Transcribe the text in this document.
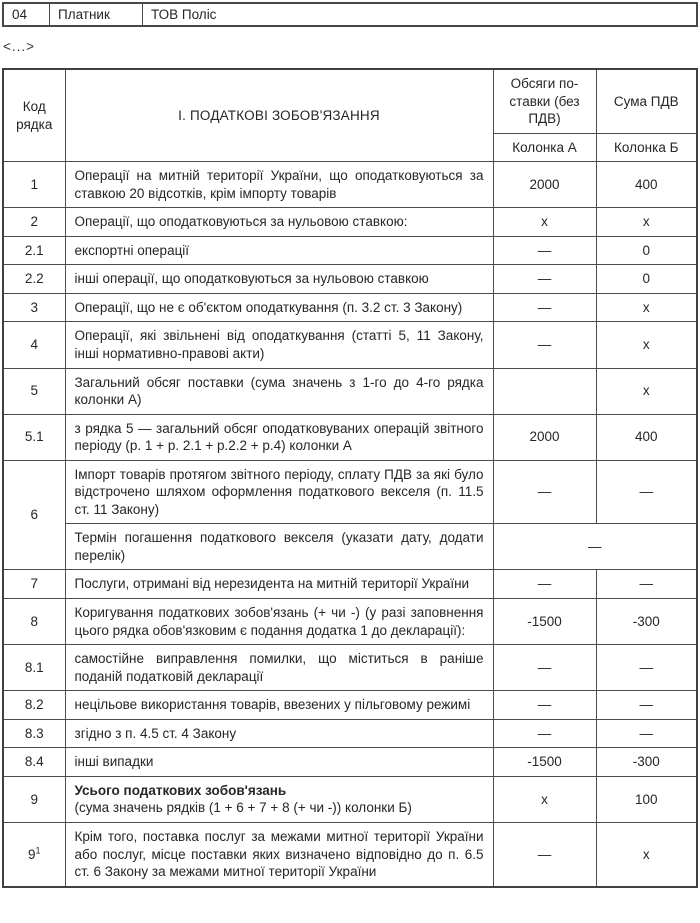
04	Платник	ТОВ Поліс
<...>
Код рядка	І. ПОДАТКОВІ ЗОБОВ'ЯЗАННЯ	Обсяги по-ставки (без ПДВ)	Сума ПДВ
		Колонка А	Колонка Б
1	Операції на митній території України, що оподатковуються за ставкою 20 відсотків, крім імпорту товарів	2000	400
2	Операції, що оподатковуються за нульовою ставкою:	х	х
2.1	експортні операції	—	0
2.2	інші операції, що оподатковуються за нульовою ставкою	—	0
3	Операції, що не є об'єктом оподаткування (п. 3.2 ст. 3 Закону)	—	х
4	Операції, які звільнені від оподаткування (статті 5, 11 Закону, інші нормативно-правові акти)	—	х
5	Загальний обсяг поставки (сума значень з 1-го до 4-го рядка колонки А)		х
5.1	з рядка 5 — загальний обсяг оподатковуваних операцій звітного періоду (р. 1 + р. 2.1 + р.2.2 + р.4) колонки А	2000	400
6	Імпорт товарів протягом звітного періоду, сплату ПДВ за які було відстрочено шляхом оформлення податкового векселя (п. 11.5 ст. 11 Закону)	—	—
	Термін погашення податкового векселя (указати дату, додати перелік)	—	
7	Послуги, отримані від нерезидента на митній території України	—	—
8	Коригування податкових зобов'язань (+ чи -) (у разі заповнення цього рядка обов'язковим є подання додатка 1 до декларації):	-1500	-300
8.1	самостійне виправлення помилки, що міститься в раніше поданій податковій декларації	—	—
8.2	нецільове використання товарів, ввезених у пільговому режимі	—	—
8.3	згідно з п. 4.5 ст. 4 Закону	—	—
8.4	інші випадки	-1500	-300
9	Усього податкових зобов'язань
(сума значень рядків (1 + 6 + 7 + 8 (+ чи -)) колонки Б)	х	100
$9^1$	Крім того, поставка послуг за межами митної території України або послуг, місце поставки яких визначено відповідно до п. 6.5 ст. 6 Закону за межами митної території України	—	х
